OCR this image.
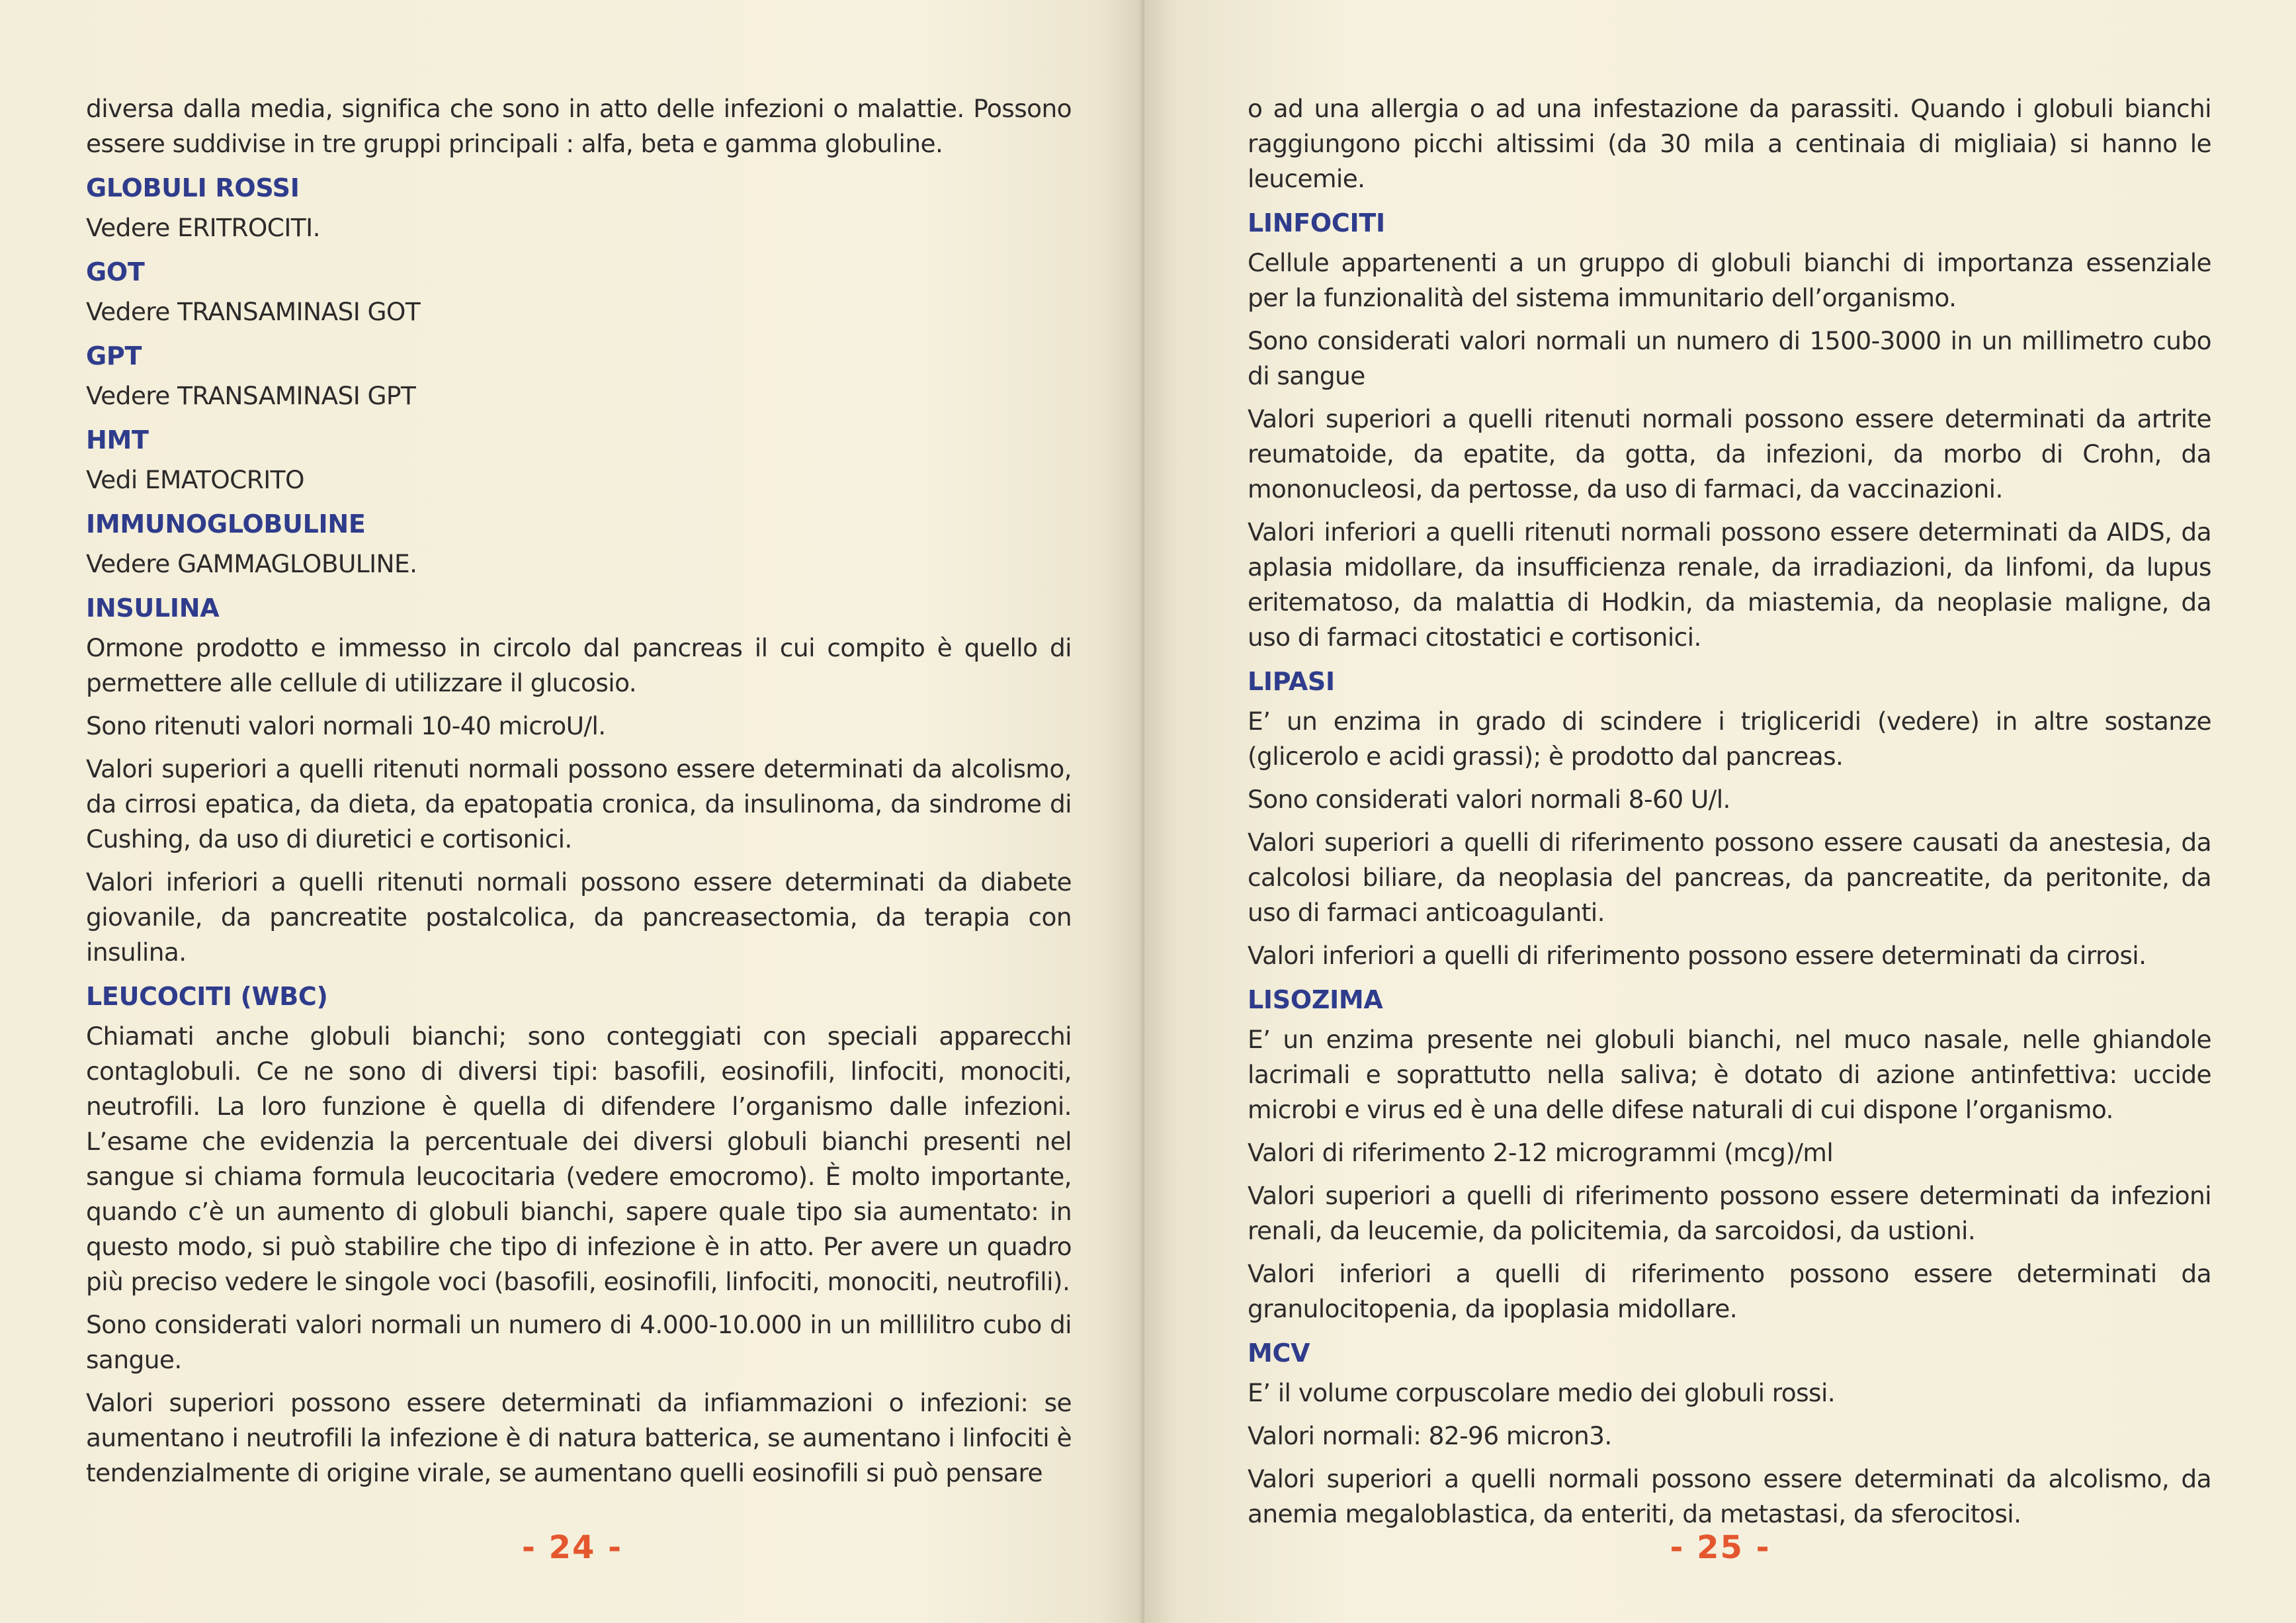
diversa dalla media, significa che sono in atto delle infezioni o malattie. Possono essere suddivise in tre gruppi principali : alfa, beta e gamma globuline.

GLOBULI ROSSI

Vedere ERITROCITI.

GOT

Vedere TRANSAMINASI GOT

GPT

Vedere TRANSAMINASI GPT

HMT

Vedi EMATOCRITO

IMMUNOGLOBULINE

Vedere GAMMAGLOBULINE.

INSULINA

Ormone prodotto e immesso in circolo dal pancreas il cui compito è quello di permettere alle cellule di utilizzare il glucosio.

Sono ritenuti valori normali 10-40 microU/l.

Valori superiori a quelli ritenuti normali possono essere determinati da alcolismo, da cirrosi epatica, da dieta, da epatopatia cronica, da insulinoma, da sindrome di Cushing, da uso di diuretici e cortisonici.

Valori inferiori a quelli ritenuti normali possono essere determinati da diabete giovanile, da pancreatite postalcolica, da pancreasectomia, da terapia con insulina.

LEUCOCITI (WBC)

Chiamati anche globuli bianchi; sono conteggiati con speciali apparecchi contaglobuli. Ce ne sono di diversi tipi: basofili, eosinofili, linfociti, monociti, neutrofili. La loro funzione è quella di difendere l’organismo dalle infezioni. L’esame che evidenzia la percentuale dei diversi globuli bianchi presenti nel sangue si chiama formula leucocitaria (vedere emocromo). È molto importante, quando c’è un aumento di globuli bianchi, sapere quale tipo sia aumentato: in questo modo, si può stabilire che tipo di infezione è in atto. Per avere un quadro più preciso vedere le singole voci (basofili, eosinofili, linfociti, monociti, neutrofili).

Sono considerati valori normali un numero di 4.000-10.000 in un millilitro cubo di sangue.

Valori superiori possono essere determinati da infiammazioni o infezioni: se aumentano i neutrofili la infezione è di natura batterica, se aumentano i linfociti è tendenzialmente di origine virale, se aumentano quelli eosinofili si può pensare

- 24 -

o ad una allergia o ad una infestazione da parassiti. Quando i globuli bianchi raggiungono picchi altissimi (da 30 mila a centinaia di migliaia) si hanno le leucemie.

LINFOCITI

Cellule appartenenti a un gruppo di globuli bianchi di importanza essenziale per la funzionalità del sistema immunitario dell’organismo.

Sono considerati valori normali un numero di 1500-3000 in un millimetro cubo di sangue

Valori superiori a quelli ritenuti normali possono essere determinati da artrite reumatoide, da epatite, da gotta, da infezioni, da morbo di Crohn, da mononucleosi, da pertosse, da uso di farmaci, da vaccinazioni.

Valori inferiori a quelli ritenuti normali possono essere determinati da AIDS, da aplasia midollare, da insufficienza renale, da irradiazioni, da linfomi, da lupus eritematoso, da malattia di Hodkin, da miastemia, da neoplasie maligne, da uso di farmaci citostatici e cortisonici.

LIPASI

E’ un enzima in grado di scindere i trigliceridi (vedere) in altre sostanze (glicerolo e acidi grassi); è prodotto dal pancreas.

Sono considerati valori normali 8-60 U/l.

Valori superiori a quelli di riferimento possono essere causati da anestesia, da calcolosi biliare, da neoplasia del pancreas, da pancreatite, da peritonite, da uso di farmaci anticoagulanti.

Valori inferiori a quelli di riferimento possono essere determinati da cirrosi.

LISOZIMA

E’ un enzima presente nei globuli bianchi, nel muco nasale, nelle ghiandole lacrimali e soprattutto nella saliva; è dotato di azione antinfettiva: uccide microbi e virus ed è una delle difese naturali di cui dispone l’organismo.

Valori di riferimento 2-12 microgrammi (mcg)/ml

Valori superiori a quelli di riferimento possono essere determinati da infezioni renali, da leucemie, da policitemia, da sarcoidosi, da ustioni.

Valori inferiori a quelli di riferimento possono essere determinati da granulocitopenia, da ipoplasia midollare.

MCV

E’ il volume corpuscolare medio dei globuli rossi.

Valori normali: 82-96 micron3.

Valori superiori a quelli normali possono essere determinati da alcolismo, da anemia megaloblastica, da enteriti, da metastasi, da sferocitosi.

- 25 -
